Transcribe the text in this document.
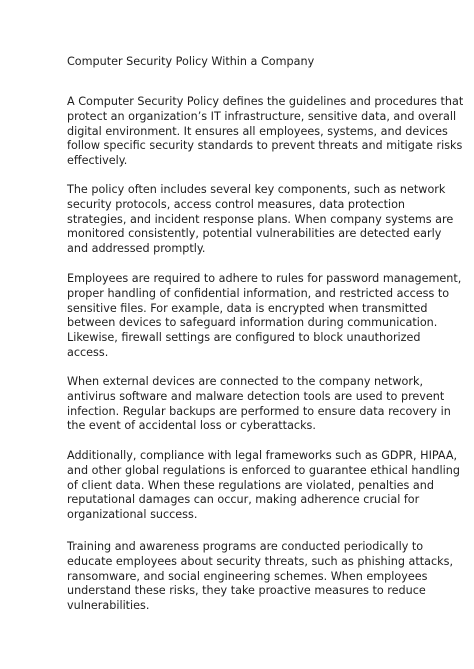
Computer Security Policy Within a Company

A Computer Security Policy defines the guidelines and procedures that
protect an organization’s IT infrastructure, sensitive data, and overall
digital environment. It ensures all employees, systems, and devices
follow specific security standards to prevent threats and mitigate risks
effectively.

The policy often includes several key components, such as network
security protocols, access control measures, data protection
strategies, and incident response plans. When company systems are
monitored consistently, potential vulnerabilities are detected early
and addressed promptly.

Employees are required to adhere to rules for password management,
proper handling of confidential information, and restricted access to
sensitive files. For example, data is encrypted when transmitted
between devices to safeguard information during communication.
Likewise, firewall settings are configured to block unauthorized
access.

When external devices are connected to the company network,
antivirus software and malware detection tools are used to prevent
infection. Regular backups are performed to ensure data recovery in
the event of accidental loss or cyberattacks.

Additionally, compliance with legal frameworks such as GDPR, HIPAA,
and other global regulations is enforced to guarantee ethical handling
of client data. When these regulations are violated, penalties and
reputational damages can occur, making adherence crucial for
organizational success.

Training and awareness programs are conducted periodically to
educate employees about security threats, such as phishing attacks,
ransomware, and social engineering schemes. When employees
understand these risks, they take proactive measures to reduce
vulnerabilities.
